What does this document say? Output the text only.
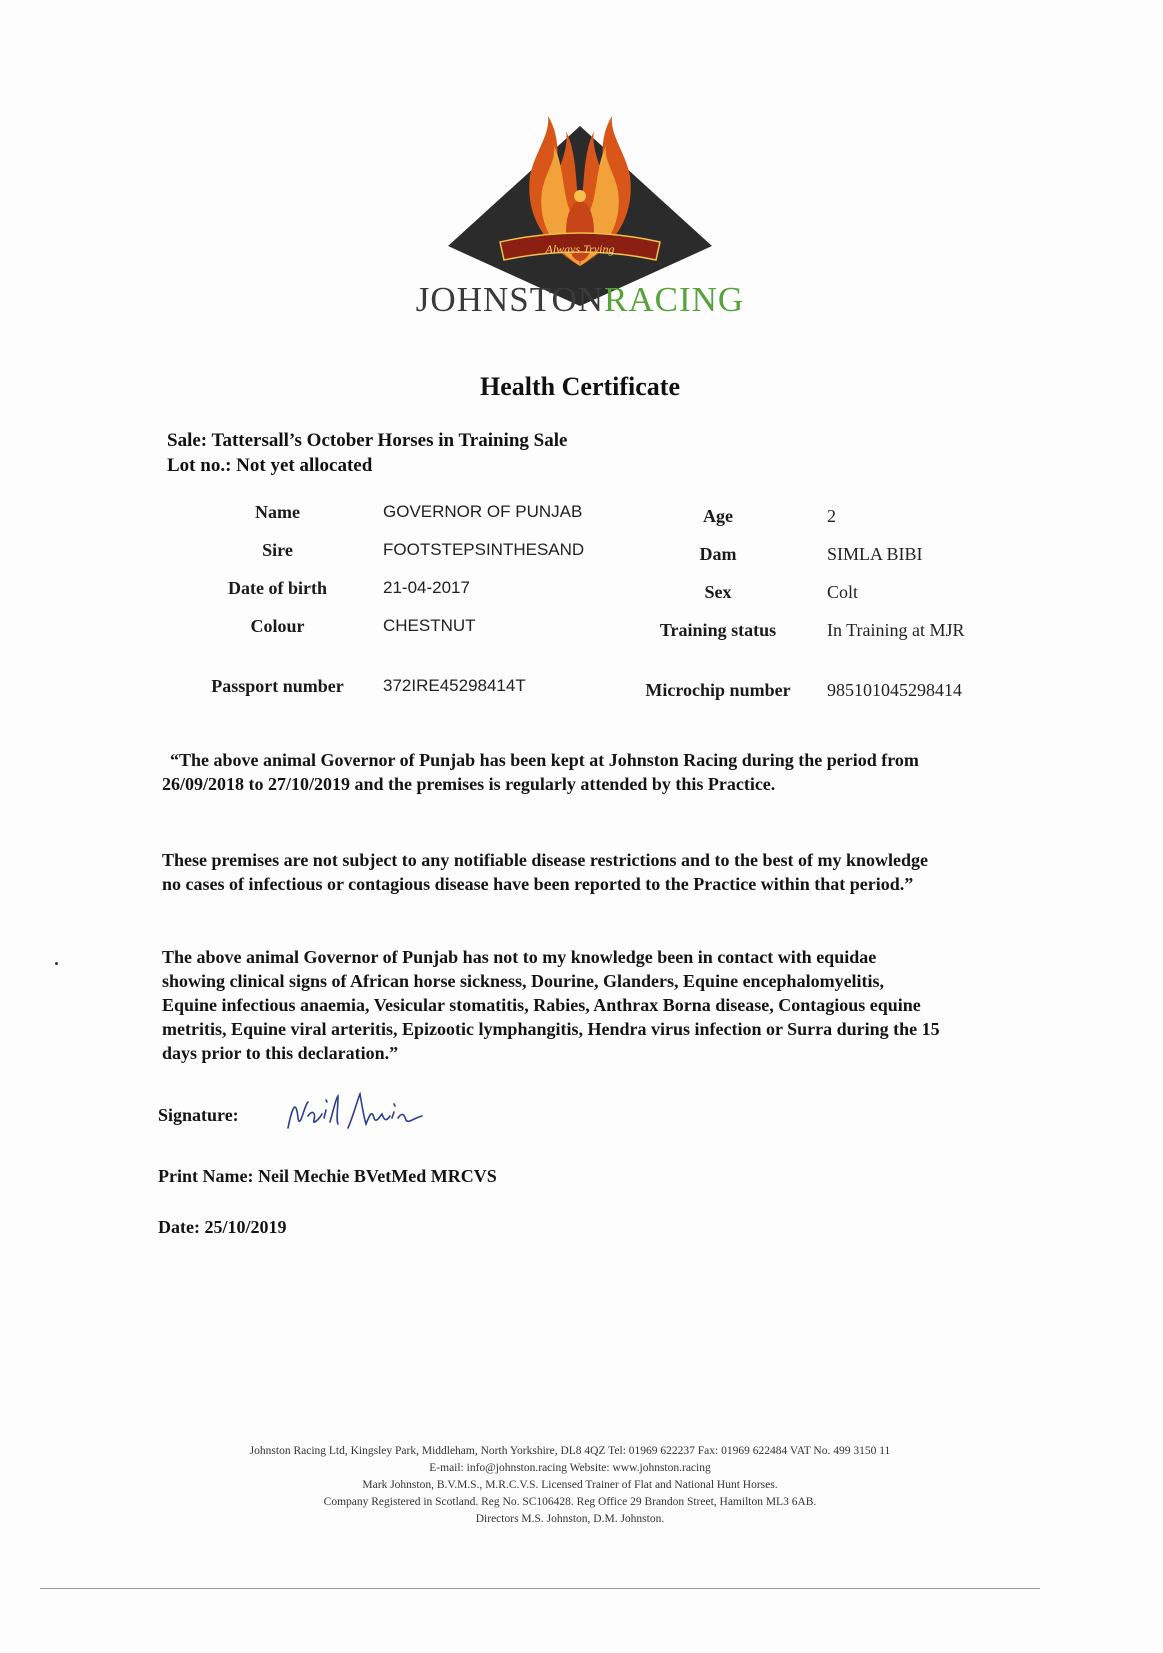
Always Trying
JOHNSTONRACING
Health Certificate
Sale: Tattersall’s October Horses in Training Sale
Lot no.: Not yet allocated
Name	GOVERNOR OF PUNJAB	Age	2
Sire	FOOTSTEPSINTHESAND	Dam	SIMLA BIBI
Date of birth	21-04-2017	Sex	Colt
Colour	CHESTNUT	Training status	In Training at MJR
Passport number	372IRE45298414T	Microchip number	985101045298414
“The above animal Governor of Punjab has been kept at Johnston Racing during the period from 26/09/2018 to 27/10/2019 and the premises is regularly attended by this Practice.
These premises are not subject to any notifiable disease restrictions and to the best of my knowledge no cases of infectious or contagious disease have been reported to the Practice within that period.”
The above animal Governor of Punjab has not to my knowledge been in contact with equidae showing clinical signs of African horse sickness, Dourine, Glanders, Equine encephalomyelitis, Equine infectious anaemia, Vesicular stomatitis, Rabies, Anthrax Borna disease, Contagious equine metritis, Equine viral arteritis, Epizootic lymphangitis, Hendra virus infection or Surra during the 15 days prior to this declaration.”
Signature:
Print Name: Neil Mechie BVetMed MRCVS
Date: 25/10/2019
Johnston Racing Ltd, Kingsley Park, Middleham, North Yorkshire, DL8 4QZ Tel: 01969 622237 Fax: 01969 622484 VAT No. 499 3150 11
E-mail: info@johnston.racing Website: www.johnston.racing
Mark Johnston, B.V.M.S., M.R.C.V.S. Licensed Trainer of Flat and National Hunt Horses.
Company Registered in Scotland. Reg No. SC106428. Reg Office 29 Brandon Street, Hamilton ML3 6AB.
Directors M.S. Johnston, D.M. Johnston.
